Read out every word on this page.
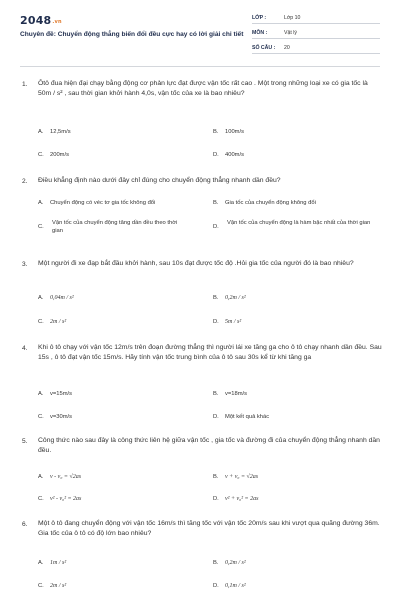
2048.vn
Chuyên đề: Chuyển động thẳng biến đổi đều cực hay có lời giải chi tiết
LỚP :	Lớp 10
MÔN :	Vật lý
SỐ CÂU :	20
1. Ôtô đua hiện đại chạy bằng động cơ phản lực đạt được vận tốc rất cao . Một trong những loại xe có gia tốc là 50m / s² , sau thời gian khởi hành 4,0s, vận tốc của xe là bao nhiêu?
A. 12,5m/s	B. 100m/s
C. 200m/s	D. 400m/s
2. Điều khẳng định nào dưới đây chỉ đúng cho chuyển động thẳng nhanh dần đều?
A. Chuyển động có véc tơ gia tốc không đổi	B. Gia tốc của chuyển động không đổi
C.
Vận tốc của chuyển động tăng dần đều theo thời gian
D.
Vận tốc của chuyển động là hàm bậc nhất của thời gian
3. Một người đi xe đạp bắt đầu khởi hành, sau 10s đạt được tốc độ .Hỏi gia tốc của người đó là bao nhiêu?
A. 0,04m / s²	B. 0,2m / s²
C. 2m / s²	D. 5m / s²
4. Khi ô tô chạy với vận tốc 12m/s trên đoạn đường thẳng thì người lái xe tăng ga cho ô tô chạy nhanh dần đều. Sau 15s , ô tô đạt vận tốc 15m/s. Hãy tính vận tốc trung bình của ô tô sau 30s kể từ khi tăng ga
A. v=15m/s	B. v=18m/s
C. v=30m/s	D. Một kết quả khác
5. Công thức nào sau đây là công thức liên hệ giữa vận tốc , gia tốc và đường đi của chuyển động thẳng nhanh dần đều.
A. v - v₀ = √2as	B. v + v₀ = √2as
C. v² - v₀² = 2as	D. v² + v₀² = 2as
6. Một ô tô đang chuyển động với vận tốc 16m/s thì tăng tốc với vận tốc 20m/s sau khi vượt qua quãng đường 36m. Gia tốc của ô tô có độ lớn bao nhiêu?
A. 1m / s²	B. 0,2m / s²
C. 2m / s²	D. 0,1m / s²
